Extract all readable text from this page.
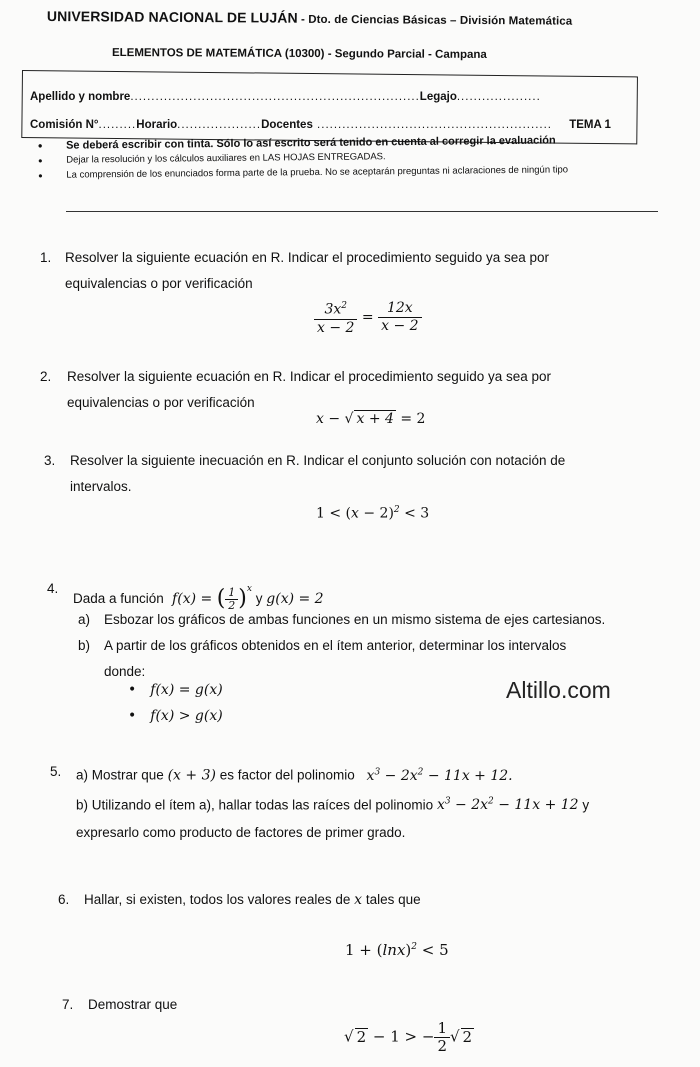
UNIVERSIDAD NACIONAL DE LUJÁN - Dto. de Ciencias Básicas – División Matemática
ELEMENTOS DE MATEMÁTICA (10300) - Segundo Parcial - Campana
Apellido y nombre.....................................................................Legajo....................
Comisión N°.........Horario....................Docentes ........................................................ TEMA 1
• Se deberá escribir con tinta. Sólo lo así escrito será tenido en cuenta al corregir la evaluación
• Dejar la resolución y los cálculos auxiliares en LAS HOJAS ENTREGADAS.
• La comprensión de los enunciados forma parte de la prueba. No se aceptarán preguntas ni aclaraciones de ningún tipo
1. Resolver la siguiente ecuación en R. Indicar el procedimiento seguido ya sea por
equivalencias o por verificación
$\frac{3x^2}{x - 2} = \frac{12x}{x - 2}$
2. Resolver la siguiente ecuación en R. Indicar el procedimiento seguido ya sea por
equivalencias o por verificación
x − √ x + 4 = 2
3. Resolver la siguiente inecuación en R. Indicar el conjunto solución con notación de
intervalos.
$1 < (x - 2)^2 < 3$
4.
Dada a función f(x) = ( $\frac{1}{2} )^x$ y g(x) = 2
a) Esbozar los gráficos de ambas funciones en un mismo sistema de ejes cartesianos.
b) A partir de los gráficos obtenidos en el ítem anterior, determinar los intervalos
donde:
• f(x) = g(x)
• f(x) > g(x)
Altillo.com
5. a) Mostrar que (x + 3) es factor del polinomio $x^3 - 2x^2 - 11x + 12$.
b) Utilizando el ítem a), hallar todas las raíces del polinomio $x^3 - 2x^2 - 11x + 12$ y
expresarlo como producto de factores de primer grado.
6. Hallar, si existen, todos los valores reales de x tales que
$1 + (\ln x)^2 < 5$
7. Demostrar que
√ 2 − 1 > − $\frac{1}{2}$ √ 2
